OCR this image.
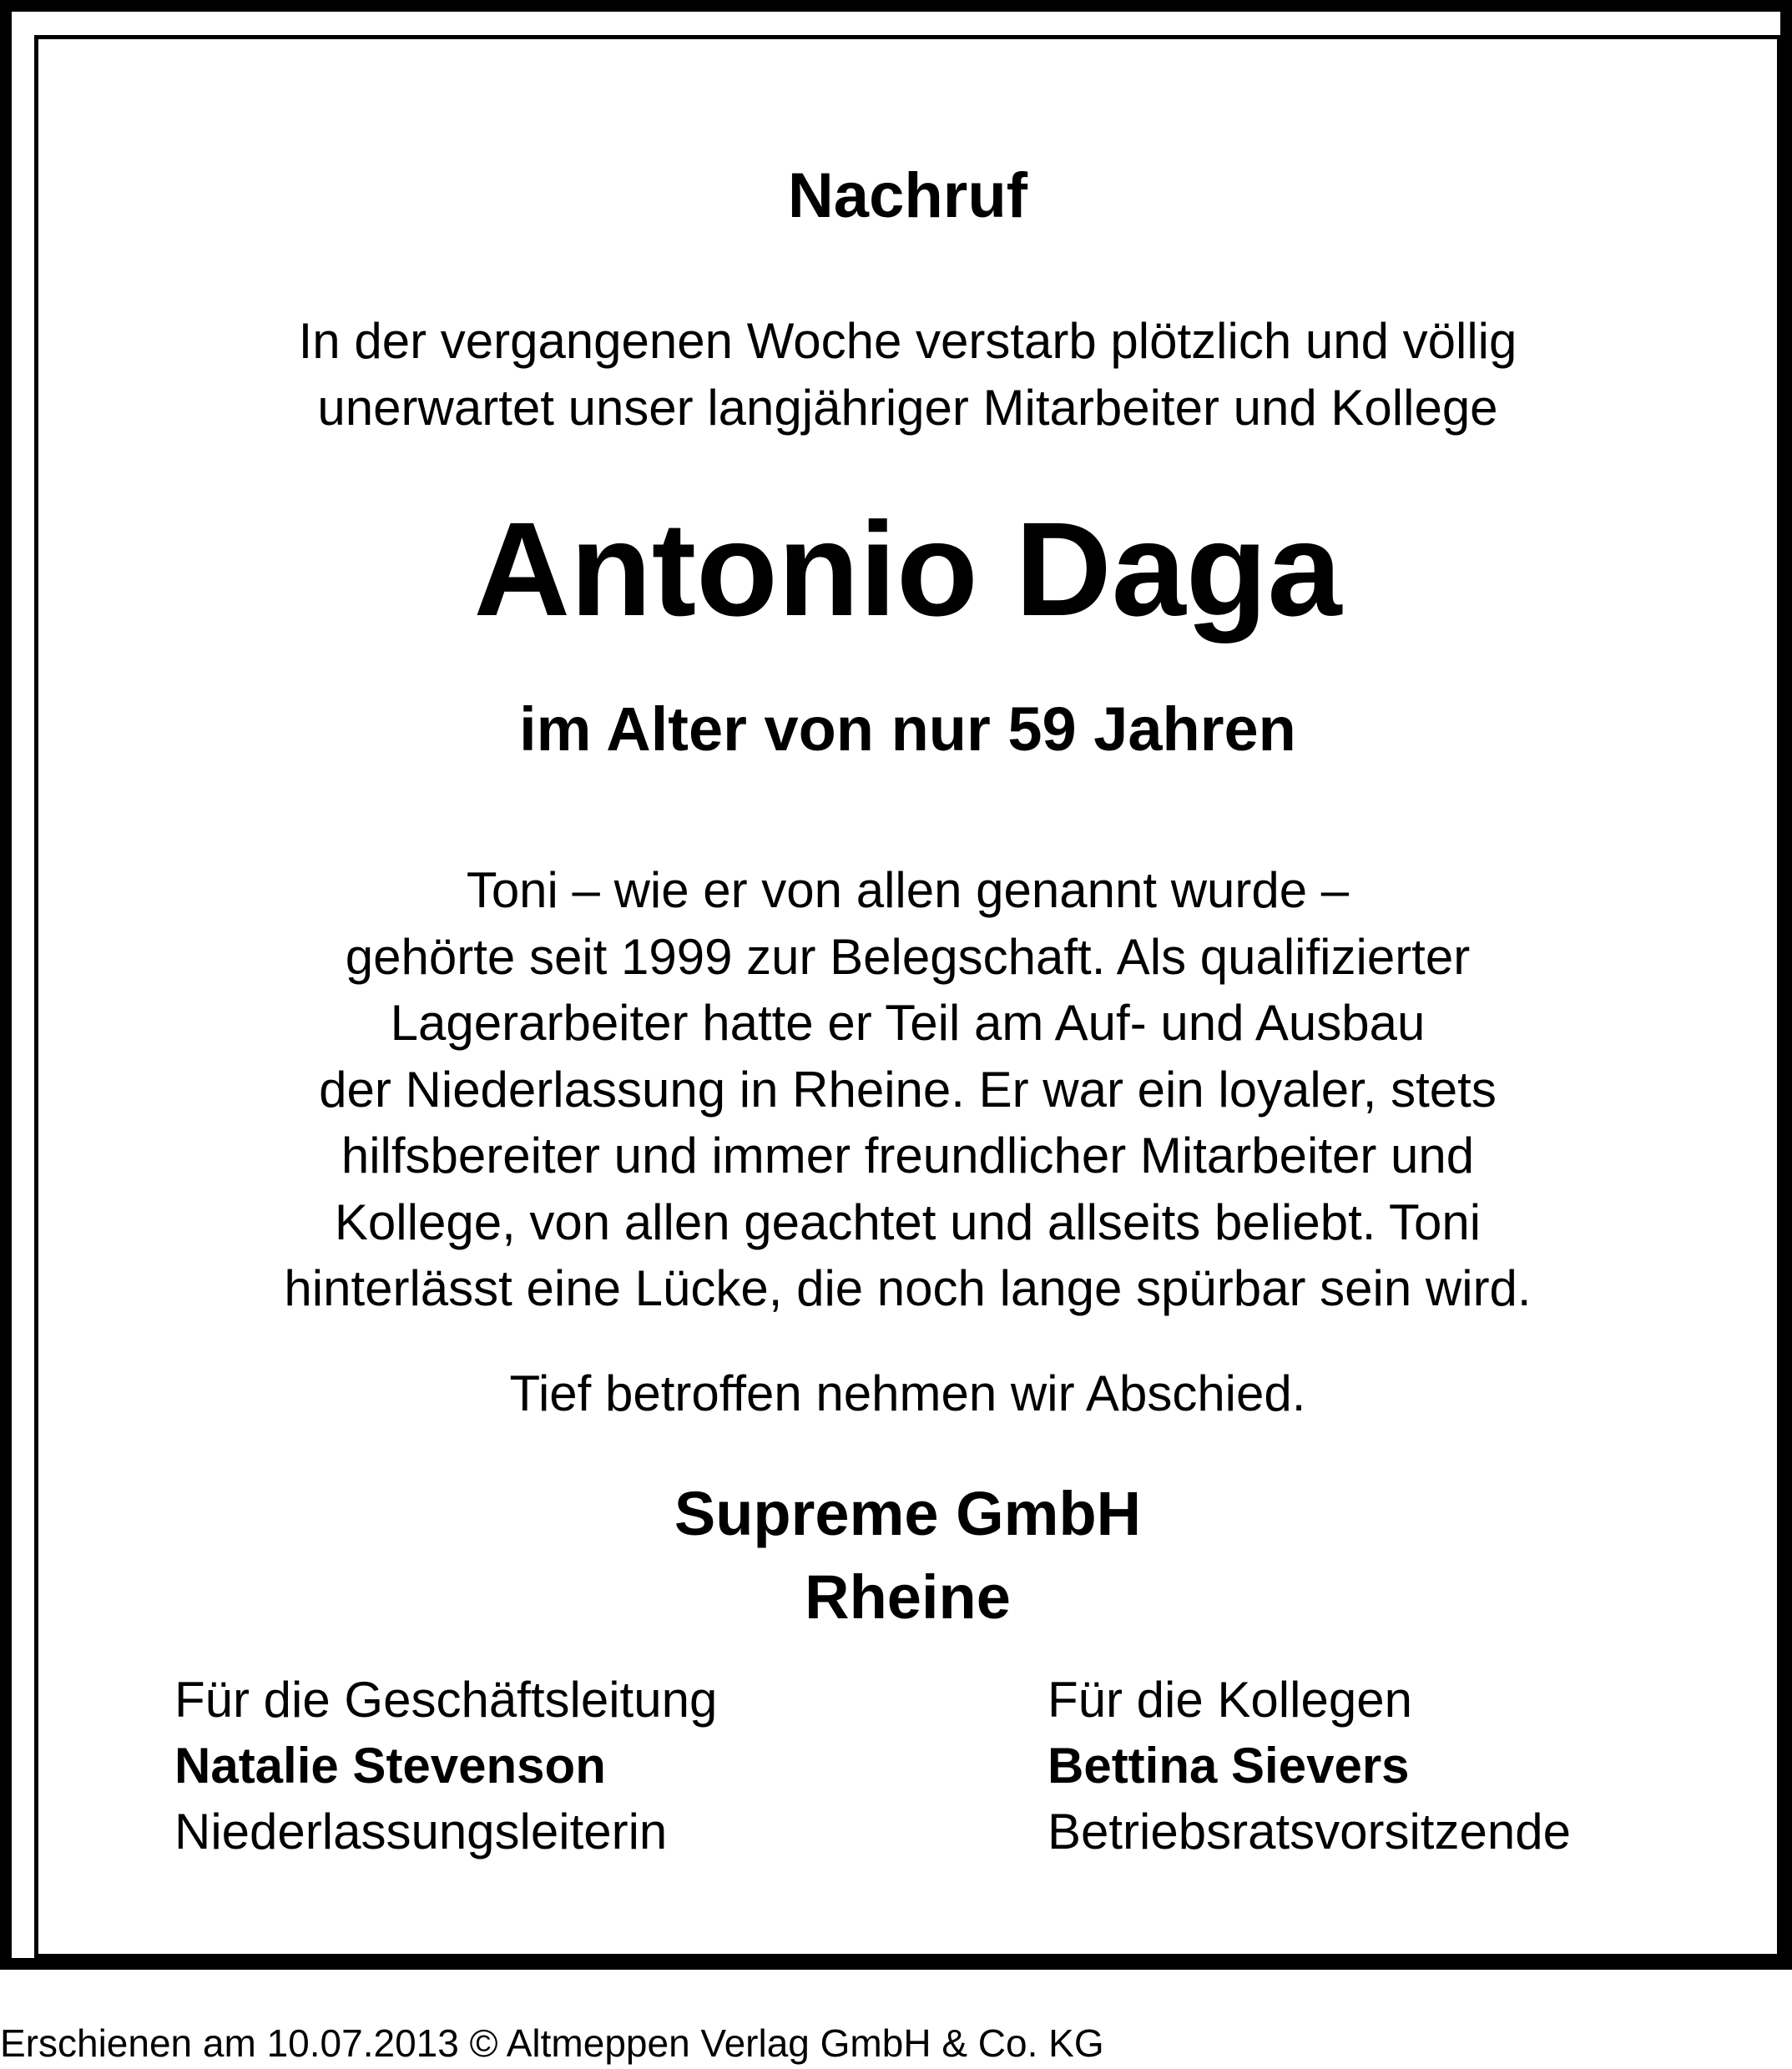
Nachruf

In der vergangenen Woche verstarb plötzlich und völlig
unerwartet unser langjähriger Mitarbeiter und Kollege

Antonio Daga

im Alter von nur 59 Jahren

Toni – wie er von allen genannt wurde –
gehörte seit 1999 zur Belegschaft. Als qualifizierter
Lagerarbeiter hatte er Teil am Auf- und Ausbau
der Niederlassung in Rheine. Er war ein loyaler, stets
hilfsbereiter und immer freundlicher Mitarbeiter und
Kollege, von allen geachtet und allseits beliebt. Toni
hinterlässt eine Lücke, die noch lange spürbar sein wird.

Tief betroffen nehmen wir Abschied.

Supreme GmbH
Rheine
Für die Geschäftsleitung
Natalie Stevenson
Niederlassungsleiterin
Für die Kollegen
Bettina Sievers
Betriebsratsvorsitzende
Erschienen am 10.07.2013 © Altmeppen Verlag GmbH & Co. KG
